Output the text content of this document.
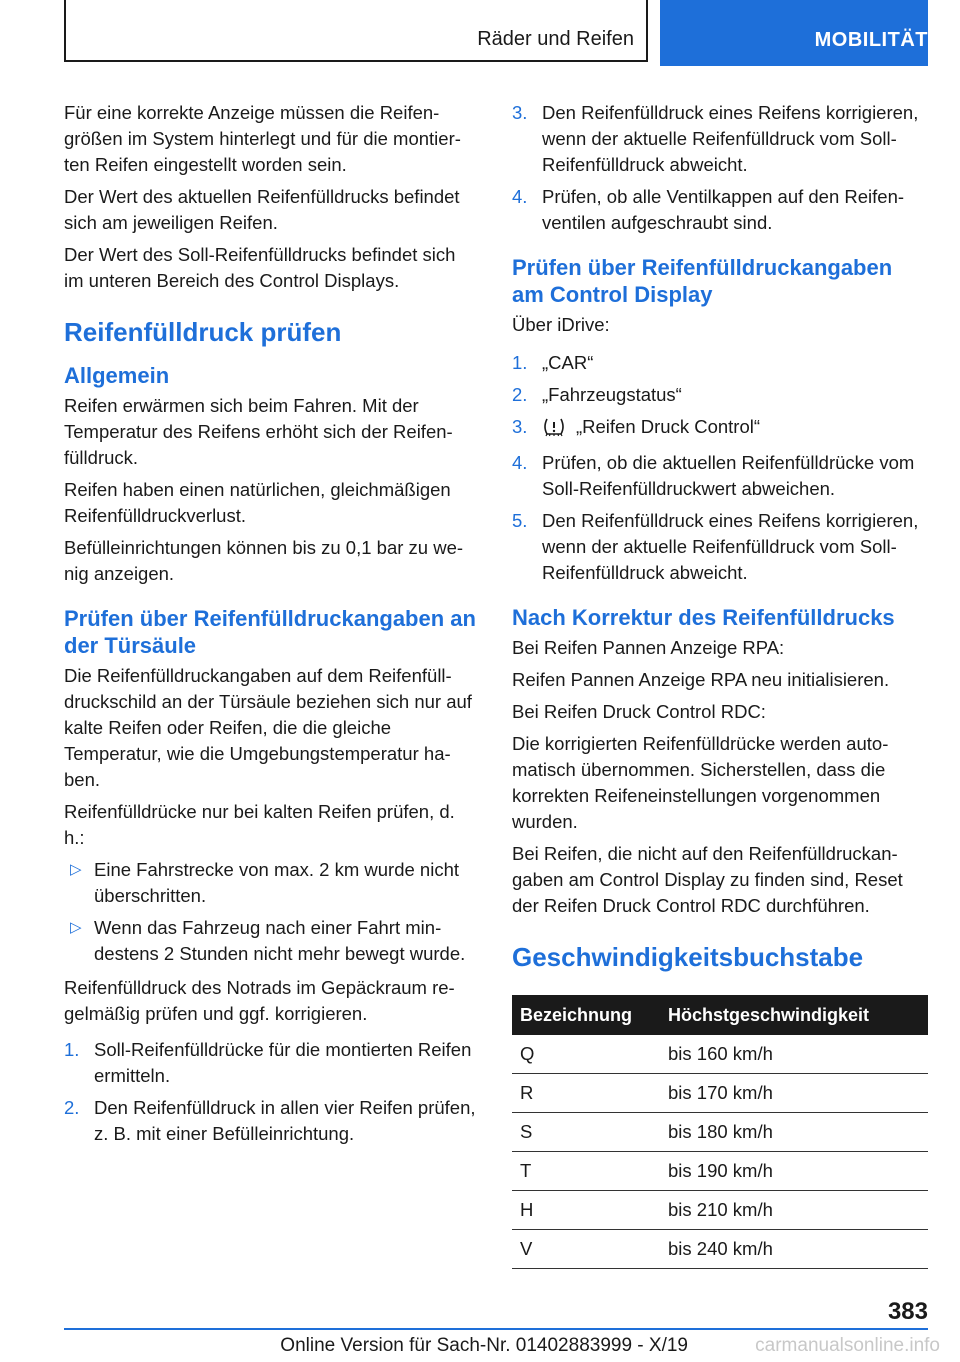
Räder und Reifen	MOBILITÄT

Für eine korrekte Anzeige müssen die Reifengrößen im System hinterlegt und für die montierten Reifen eingestellt worden sein.

Der Wert des aktuellen Reifenfülldrucks befindet sich am jeweiligen Reifen.

Der Wert des Soll-Reifenfülldrucks befindet sich im unteren Bereich des Control Displays.

Reifenfülldruck prüfen
Allgemein

Reifen erwärmen sich beim Fahren. Mit der Temperatur des Reifens erhöht sich der Reifenfülldruck.

Reifen haben einen natürlichen, gleichmäßigen Reifenfülldruckverlust.

Befülleinrichtungen können bis zu 0,1 bar zu wenig anzeigen.

Prüfen über Reifenfülldruckangaben an der Türsäule

Die Reifenfülldruckangaben auf dem Reifenfülldruckschild an der Türsäule beziehen sich nur auf kalte Reifen oder Reifen, die die gleiche Temperatur, wie die Umgebungstemperatur haben.

Reifenfülldrücke nur bei kalten Reifen prüfen, d. h.:

▷ Eine Fahrstrecke von max. 2 km wurde nicht überschritten.
▷ Wenn das Fahrzeug nach einer Fahrt mindestens 2 Stunden nicht mehr bewegt wurde.

Reifenfülldruck des Notrads im Gepäckraum regelmäßig prüfen und ggf. korrigieren.

1. Soll-Reifenfülldrücke für die montierten Reifen ermitteln.
2. Den Reifenfülldruck in allen vier Reifen prüfen, z. B. mit einer Befülleinrichtung.
3. Den Reifenfülldruck eines Reifens korrigieren, wenn der aktuelle Reifenfülldruck vom Soll-Reifenfülldruck abweicht.
4. Prüfen, ob alle Ventilkappen auf den Reifenventilen aufgeschraubt sind.
Prüfen über Reifenfülldruckangaben am Control Display

Über iDrive:

1. „CAR“
2. „Fahrzeugstatus“
3.	„Reifen Druck Control“
4. Prüfen, ob die aktuellen Reifenfülldrücke vom Soll-Reifenfülldruckwert abweichen.
5. Den Reifenfülldruck eines Reifens korrigieren, wenn der aktuelle Reifenfülldruck vom Soll-Reifenfülldruck abweicht.
Nach Korrektur des Reifenfülldrucks

Bei Reifen Pannen Anzeige RPA:

Reifen Pannen Anzeige RPA neu initialisieren.

Bei Reifen Druck Control RDC:

Die korrigierten Reifenfülldrücke werden automatisch übernommen. Sicherstellen, dass die korrekten Reifeneinstellungen vorgenommen wurden.

Bei Reifen, die nicht auf den Reifenfülldruckangaben am Control Display zu finden sind, Reset der Reifen Druck Control RDC durchführen.

Geschwindigkeitsbuchstabe
Bezeichnung	Höchstgeschwindigkeit
Q	bis 160 km/h
R	bis 170 km/h
S	bis 180 km/h
T	bis 190 km/h
H	bis 210 km/h
V	bis 240 km/h
383
Online Version für Sach-Nr. 01402883999 - X/19	carmanualsonline.info
